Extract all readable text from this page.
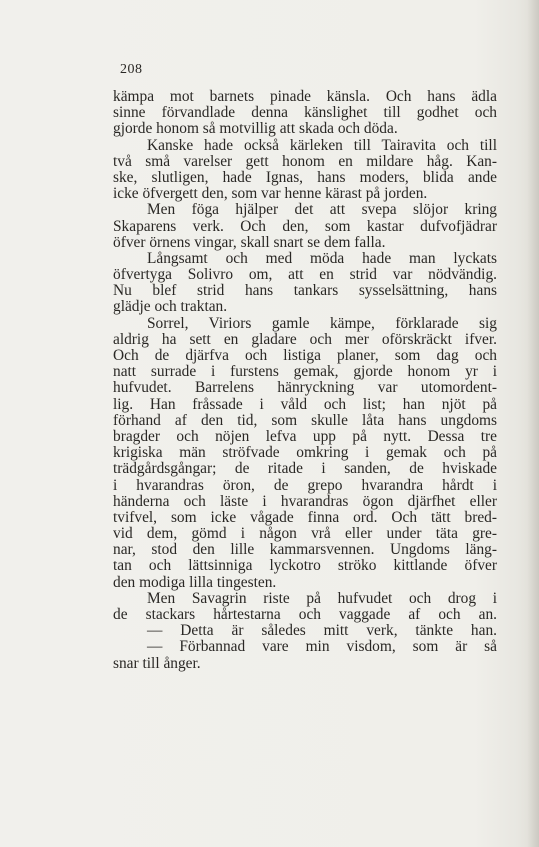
208
kämpa mot barnets pinade känsla. Och hans ädla
sinne förvandlade denna känslighet till godhet och
gjorde honom så motvillig att skada och döda.
Kanske hade också kärleken till Tairavita och till
två små varelser gett honom en mildare håg. Kan-
ske, slutligen, hade Ignas, hans moders, blida ande
icke öfvergett den, som var henne kärast på jorden.
Men föga hjälper det att svepa slöjor kring
Skaparens verk. Och den, som kastar dufvofjädrar
öfver örnens vingar, skall snart se dem falla.
Långsamt och med möda hade man lyckats
öfvertyga Solivro om, att en strid var nödvändig.
Nu blef strid hans tankars sysselsättning, hans
glädje och traktan.
Sorrel, Viriors gamle kämpe, förklarade sig
aldrig ha sett en gladare och mer oförskräckt ifver.
Och de djärfva och listiga planer, som dag och
natt surrade i furstens gemak, gjorde honom yr i
hufvudet. Barrelens hänryckning var utomordent-
lig. Han fråssade i våld och list; han njöt på
förhand af den tid, som skulle låta hans ungdoms
bragder och nöjen lefva upp på nytt. Dessa tre
krigiska män ströfvade omkring i gemak och på
trädgårdsgångar; de ritade i sanden, de hviskade
i hvarandras öron, de grepo hvarandra hårdt i
händerna och läste i hvarandras ögon djärfhet eller
tvifvel, som icke vågade finna ord. Och tätt bred-
vid dem, gömd i någon vrå eller under täta gre-
nar, stod den lille kammarsvennen. Ungdoms läng-
tan och lättsinniga lyckotro ströko kittlande öfver
den modiga lilla tingesten.
Men Savagrin riste på hufvudet och drog i
de stackars hårtestarna och vaggade af och an.
— Detta är således mitt verk, tänkte han.
— Förbannad vare min visdom, som är så
snar till ånger.
